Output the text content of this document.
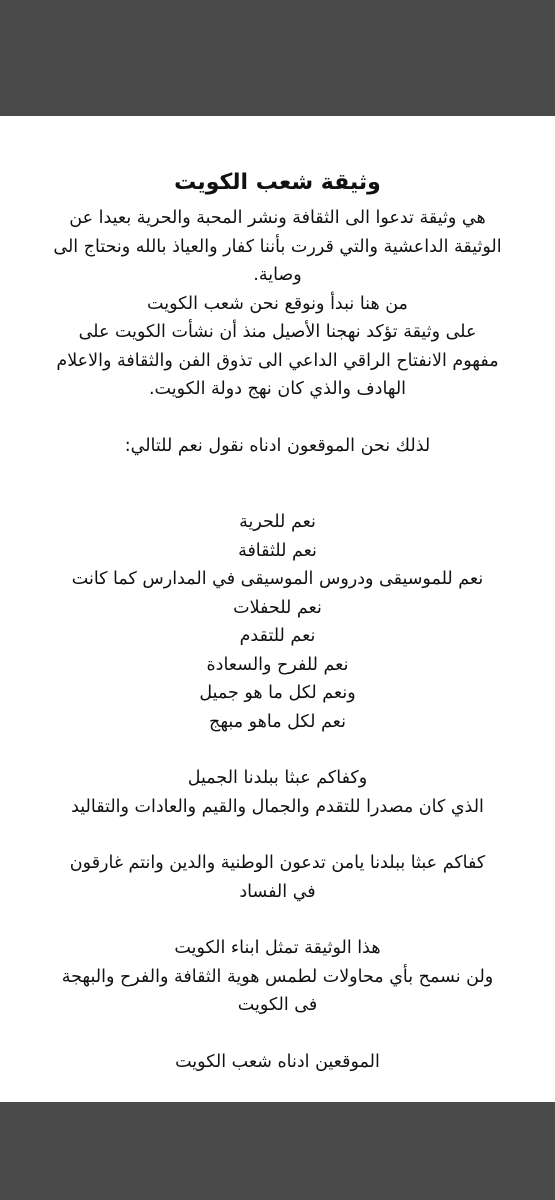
وثيقة شعب الكويت

هي وثيقة تدعوا الى الثقافة ونشر المحبة والحرية بعيدا عن

الوثيقة الداعشية والتي قررت بأننا كفار والعياذ بالله ونحتاج الى

وصاية.

من هنا نبدأ ونوقع نحن شعب الكويت

على وثيقة تؤكد نهجنا الأصيل منذ أن نشأت الكويت على

مفهوم الانفتاح الراقي الداعي الى تذوق الفن والثقافة والاعلام

الهادف والذي كان نهج دولة الكويت.

لذلك نحن الموقعون ادناه نقول نعم للتالي:

نعم للحرية

نعم للثقافة

نعم للموسيقى ودروس الموسيقى في المدارس كما كانت

نعم للحفلات

نعم للتقدم

نعم للفرح والسعادة

ونعم لكل ما هو جميل

نعم لكل ماهو مبهج

وكفاكم عبثا ببلدنا الجميل

الذي كان مصدرا للتقدم والجمال والقيم والعادات والتقاليد

كفاكم عبثا ببلدنا يامن تدعون الوطنية والدين وانتم غارقون

في الفساد

هذا الوثيقة تمثل ابناء الكويت

ولن نسمح بأي محاولات لطمس هوية الثقافة والفرح والبهجة

فى الكويت

الموقعين ادناه شعب الكويت
